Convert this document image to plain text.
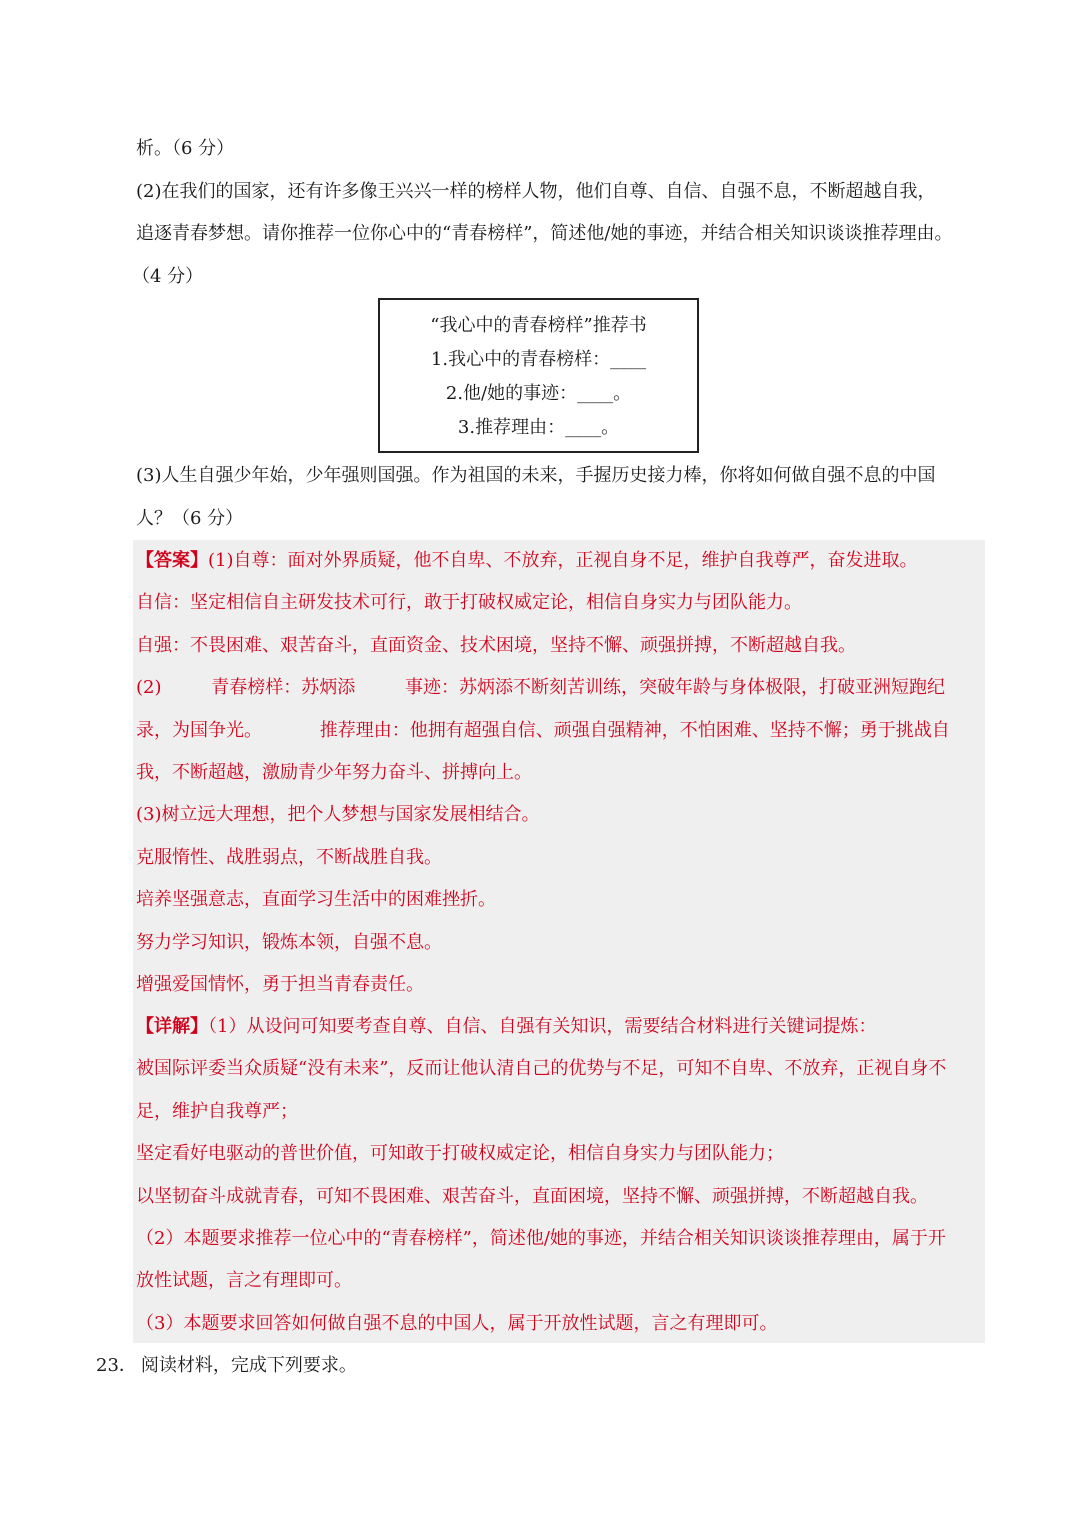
析。（6 分）
(2)在我们的国家，还有许多像王兴兴一样的榜样人物，他们自尊、自信、自强不息，不断超越自我，
追逐青春梦想。请你推荐一位你心中的“青春榜样”，简述他/她的事迹，并结合相关知识谈谈推荐理由。
（4 分）
“我心中的青春榜样”推荐书
1.我心中的青春榜样：____
2.他/她的事迹：____。
3.推荐理由：____。
(3)人生自强少年始，少年强则国强。作为祖国的未来，手握历史接力棒，你将如何做自强不息的中国
人？（6 分）
【答案】(1)自尊：面对外界质疑，他不自卑、不放弃，正视自身不足，维护自我尊严，奋发进取。
自信：坚定相信自主研发技术可行，敢于打破权威定论，相信自身实力与团队能力。
自强：不畏困难、艰苦奋斗，直面资金、技术困境，坚持不懈、顽强拼搏，不断超越自我。
(2)	青春榜样：苏炳添	事迹：苏炳添不断刻苦训练，突破年龄与身体极限，打破亚洲短跑纪
录，为国争光。	推荐理由：他拥有超强自信、顽强自强精神，不怕困难、坚持不懈；勇于挑战自
我，不断超越，激励青少年努力奋斗、拼搏向上。
(3)树立远大理想，把个人梦想与国家发展相结合。
克服惰性、战胜弱点，不断战胜自我。
培养坚强意志，直面学习生活中的困难挫折。
努力学习知识，锻炼本领，自强不息。
增强爱国情怀，勇于担当青春责任。
【详解】（1）从设问可知要考查自尊、自信、自强有关知识，需要结合材料进行关键词提炼：
被国际评委当众质疑“没有未来”，反而让他认清自己的优势与不足，可知不自卑、不放弃，正视自身不
足，维护自我尊严；
坚定看好电驱动的普世价值，可知敢于打破权威定论，相信自身实力与团队能力；
以坚韧奋斗成就青春，可知不畏困难、艰苦奋斗，直面困境，坚持不懈、顽强拼搏，不断超越自我。
（2）本题要求推荐一位心中的“青春榜样”，简述他/她的事迹，并结合相关知识谈谈推荐理由，属于开
放性试题，言之有理即可。
（3）本题要求回答如何做自强不息的中国人，属于开放性试题，言之有理即可。
23． 阅读材料，完成下列要求。
